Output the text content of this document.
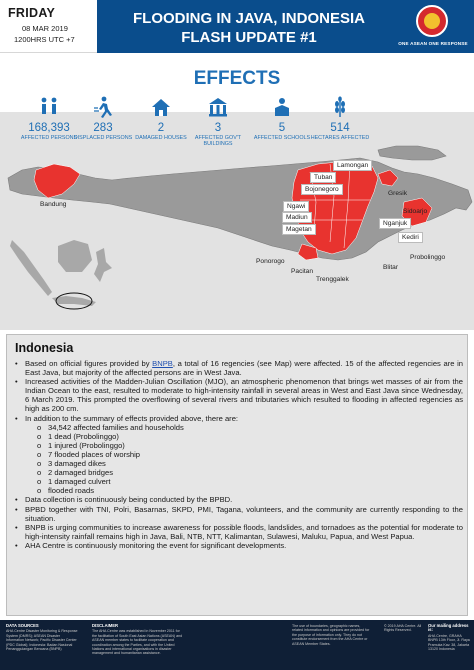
FRIDAY
08 MAR 2019
1200HRS UTC +7
FLOODING IN JAVA, INDONESIA
FLASH UPDATE #1	ONE ASEAN ONE RESPONSE
EFFECTS
168,393
AFFECTED PERSONS
283
DISPLACED PERSONS
2
DAMAGED HOUSES
3
AFFECTED GOV'T BUILDINGS
5
AFFECTED SCHOOLS
514
HECTARES AFFECTED
Lamongan
Tuban
Bojonegoro
Ngawi
Gresik
Madiun
Sidoarjo
Nganjuk
Magetan
Kediri
Ponorogo
Pacitan
Trenggalek
Blitar
Probolinggo
Bandung
Indonesia
• Based on official figures provided by BNPB, a total of 16 regencies (see Map) were affected. 15 of the affected regencies are in East Java, but majority of the affected persons are in West Java.
• Increased activities of the Madden-Julian Oscillation (MJO), an atmospheric phenomenon that brings wet masses of air from the Indian Ocean to the east, resulted to moderate to high-intensity rainfall in several areas in West and East Java since Wednesday, 6 March 2019. This prompted the overflowing of several rivers and tributaries which resulted to flooding in affected regencies as high as 200 cm.
• In addition to the summary of effects provided above, there are:
o 34,542 affected families and households
o 1 dead (Probolinggo)
o 1 injured (Probolinggo)
o 7 flooded places of worship
o 3 damaged dikes
o 2 damaged bridges
o 1 damaged culvert
o flooded roads
• Data collection is continuously being conducted by the BPBD.
• BPBD together with TNI, Polri, Basarnas, SKPD, PMI, Tagana, volunteers, and the community are currently responding to the situation.
• BNPB is urging communities to increase awareness for possible floods, landslides, and tornadoes as the potential for moderate to high-intensity rainfall remains high in Java, Bali, NTB, NTT, Kalimantan, Sulawesi, Maluku, Papua, and West Papua.
• AHA Centre is continuously monitoring the event for significant developments.
DATA SOURCES
AHA Centre Disaster Monitoring & Response System (DMRS); ASEAN Disaster Information Network; Pacific Disaster Center (PDC Global); Indonesia: Badan Nasional Penanggulangan Bencana (BNPB)
DISCLAIMER
The AHA Centre was established in November 2011 for the facilitation of South East Asian Nations (ASEAN) and ASEAN member states to facilitate cooperation and coordination among the Parties, and with the United Nations and international organisations in disaster management and humanitarian assistance.
The use of boundaries, geographic names, related information and opinions are provided for the purpose of information only. They do not constitute endorsement from the AHA Centre or ASEAN Member States.
© 2019 AHA Centre. All Rights Reserved.
Our mailing address is:
AHA Centre, GRAHA BNPB 13th Floor, Jl. Raya Pramuka Kav. 38, Jakarta 13120 Indonesia
